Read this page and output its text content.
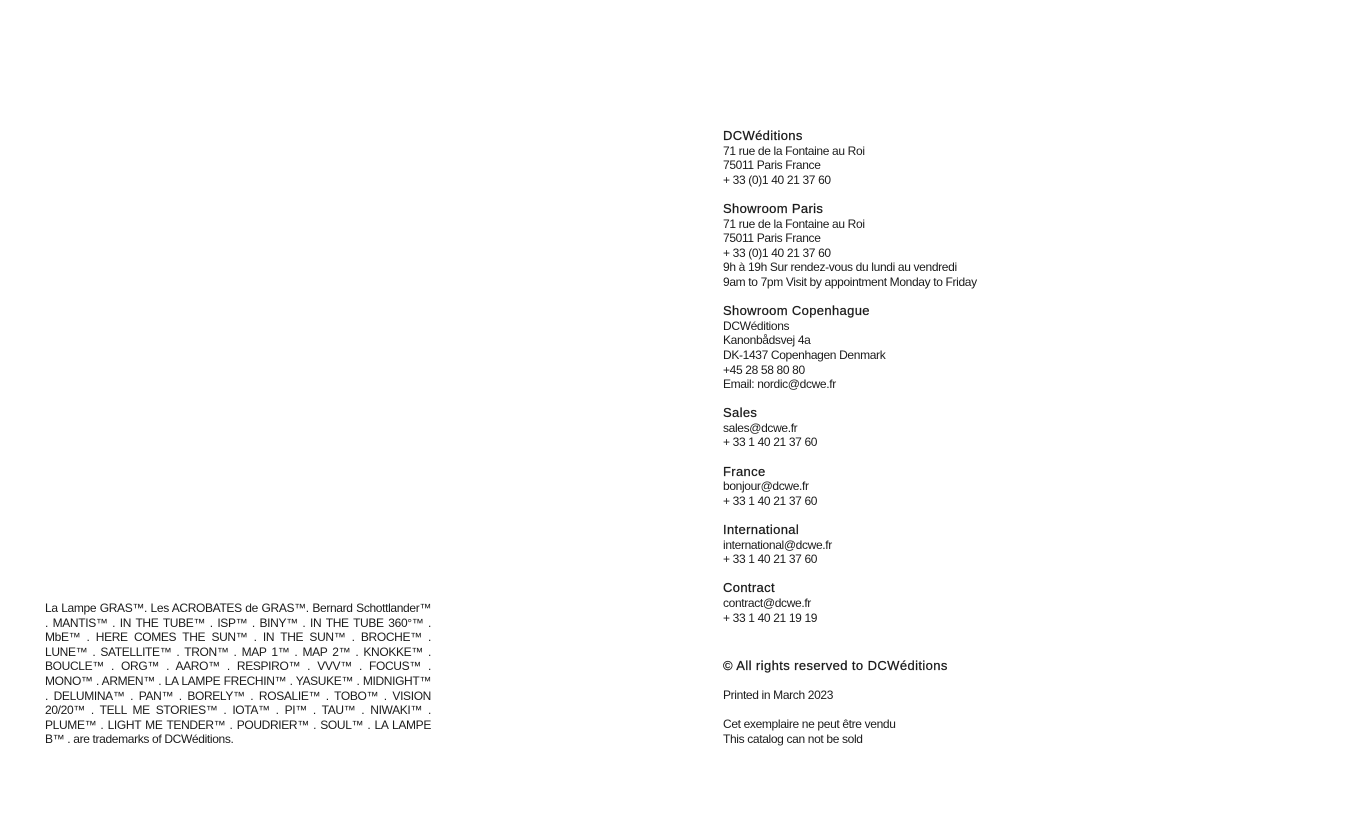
La Lampe GRAS™. Les ACROBATES de GRAS™. Bernard Schottlander™ . MANTIS™ . IN THE TUBE™ . ISP™ . BINY™ . IN THE TUBE 360°™ . MbE™ . HERE COMES THE SUN™ . IN THE SUN™ . BROCHE™ . LUNE™ . SATELLITE™ . TRON™ . MAP 1™ . MAP 2™ . KNOKKE™ . BOUCLE™ . ORG™ . AARO™ . RESPIRO™ . VVV™ . FOCUS™ . MONO™ . ARMEN™ . LA LAMPE FRECHIN™ . YASUKE™ . MIDNIGHT™ . DELUMINA™ . PAN™ . BORELY™ . ROSALIE™ . TOBO™ . VISION 20/20™ . TELL ME STORIES™ . IOTA™ . PI™ . TAU™ . NIWAKI™ . PLUME™ . LIGHT ME TENDER™ . POUDRIER™ . SOUL™ . LA LAMPE B™ . are trademarks of DCWéditions.

DCWéditions

71 rue de la Fontaine au Roi

75011 Paris France

+ 33 (0)1 40 21 37 60

Showroom Paris

71 rue de la Fontaine au Roi

75011 Paris France

+ 33 (0)1 40 21 37 60

9h à 19h Sur rendez-vous du lundi au vendredi

9am to 7pm Visit by appointment Monday to Friday

Showroom Copenhague

DCWéditions

Kanonbådsvej 4a

DK-1437 Copenhagen Denmark

+45 28 58 80 80

Email: nordic@dcwe.fr

Sales

sales@dcwe.fr

+ 33 1 40 21 37 60

France

bonjour@dcwe.fr

+ 33 1 40 21 37 60

International

international@dcwe.fr

+ 33 1 40 21 37 60

Contract

contract@dcwe.fr

+ 33 1 40 21 19 19

© All rights reserved to DCWéditions

Printed in March 2023

Cet exemplaire ne peut être vendu

This catalog can not be sold
